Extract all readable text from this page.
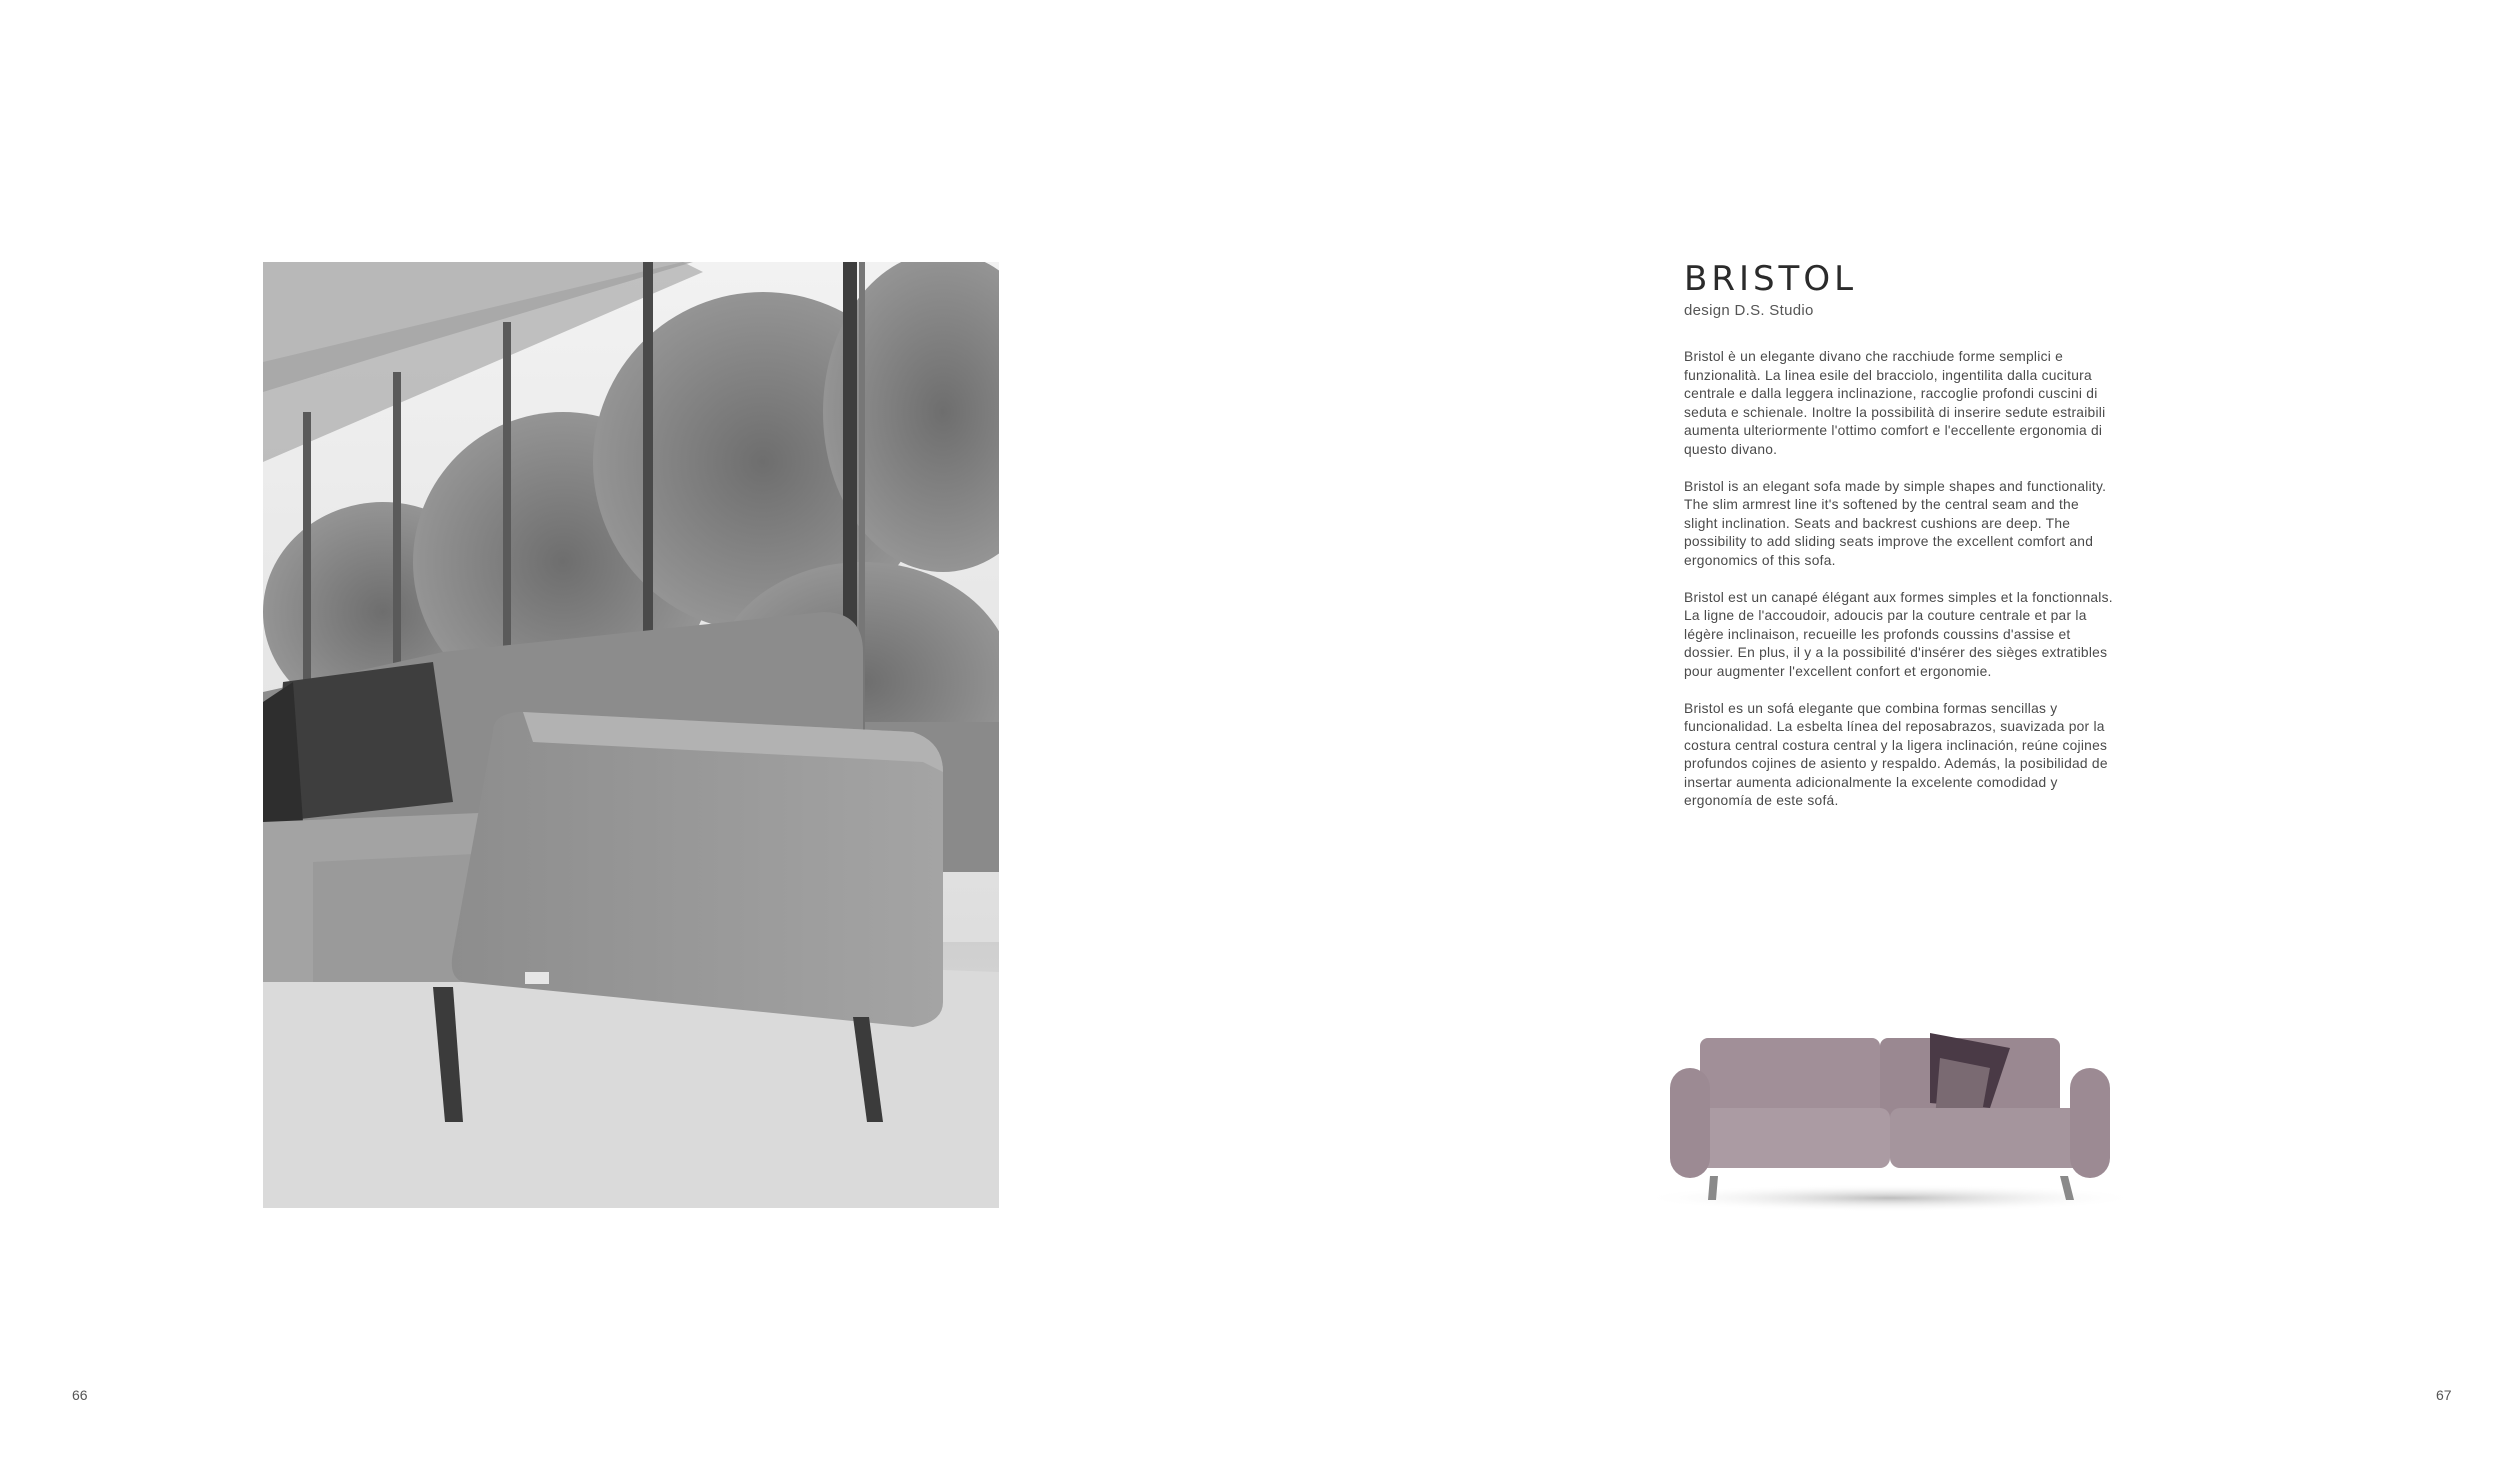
BRISTOL
design D.S. Studio

Bristol è un elegante divano che racchiude forme semplici e funzionalità. La linea esile del bracciolo, ingentilita dalla cucitura centrale e dalla leggera inclinazione, raccoglie profondi cuscini di seduta e schienale. Inoltre la possibilità di inserire sedute estraibili aumenta ulteriormente l'ottimo comfort e l'eccellente ergonomia di questo divano.

Bristol is an elegant sofa made by simple shapes and functionality. The slim armrest line it's softened by the central seam and the slight inclination. Seats and backrest cushions are deep. The possibility to add sliding seats improve the excellent comfort and ergonomics of this sofa.

Bristol est un canapé élégant aux formes simples et la fonctionnals. La ligne de l'accoudoir, adoucis par la couture centrale et par la légère inclinaison, recueille les profonds coussins d'assise et dossier. En plus, il y a la possibilité d'insérer des sièges extratibles pour augmenter l'excellent confort et ergonomie.

Bristol es un sofá elegante que combina formas sencillas y funcionalidad. La esbelta línea del reposabrazos, suavizada por la costura central costura central y la ligera inclinación, reúne cojines profundos cojines de asiento y respaldo. Además, la posibilidad de insertar aumenta adicionalmente la excelente comodidad y ergonomía de este sofá.

66	67
